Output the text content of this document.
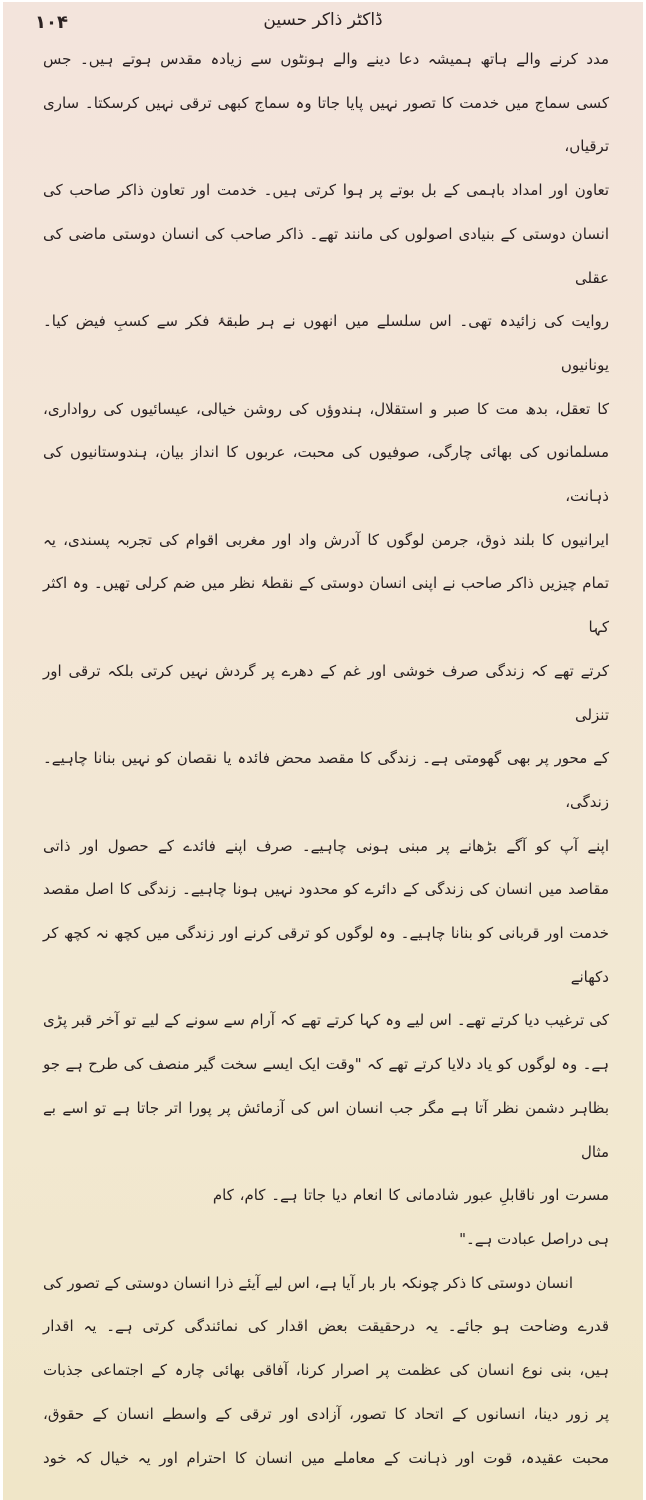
ڈاکٹر ذاکر حسین
۱۰۴
مدد کرنے والے ہاتھ ہمیشہ دعا دینے والے ہونٹوں سے زیادہ مقدس ہوتے ہیں۔ جس
کسی سماج میں خدمت کا تصور نہیں پایا جاتا وہ سماج کبھی ترقی نہیں کرسکتا۔ ساری ترقیاں،
تعاون اور امداد باہمی کے بل بوتے پر ہوا کرتی ہیں۔ خدمت اور تعاون ذاکر صاحب کی
انسان دوستی کے بنیادی اصولوں کی مانند تھے۔ ذاکر صاحب کی انسان دوستی ماضی کی عقلی
روایت کی زائیدہ تھی۔ اس سلسلے میں انھوں نے ہر طبقۂ فکر سے کسبِ فیض کیا۔ یونانیوں
کا تعقل، بدھ مت کا صبر و استقلال، ہندوؤں کی روشن خیالی، عیسائیوں کی رواداری،
مسلمانوں کی بھائی چارگی، صوفیوں کی محبت، عربوں کا انداز بیان، ہندوستانیوں کی ذہانت،
ایرانیوں کا بلند ذوق، جرمن لوگوں کا آدرش واد اور مغربی اقوام کی تجربہ پسندی، یہ
تمام چیزیں ذاکر صاحب نے اپنی انسان دوستی کے نقطۂ نظر میں ضم کرلی تھیں۔ وہ اکثر کہا
کرتے تھے کہ زندگی صرف خوشی اور غم کے دھرے پر گردش نہیں کرتی بلکہ ترقی اور تنزلی
کے محور پر بھی گھومتی ہے۔ زندگی کا مقصد محض فائدہ یا نقصان کو نہیں بنانا چاہیے۔ زندگی،
اپنے آپ کو آگے بڑھانے پر مبنی ہونی چاہیے۔ صرف اپنے فائدے کے حصول اور ذاتی
مقاصد میں انسان کی زندگی کے دائرے کو محدود نہیں ہونا چاہیے۔ زندگی کا اصل مقصد
خدمت اور قربانی کو بنانا چاہیے۔ وہ لوگوں کو ترقی کرنے اور زندگی میں کچھ نہ کچھ کر دکھانے
کی ترغیب دیا کرتے تھے۔ اس لیے وہ کہا کرتے تھے کہ آرام سے سونے کے لیے تو آخر قبر پڑی
ہے۔ وہ لوگوں کو یاد دلایا کرتے تھے کہ "وقت ایک ایسے سخت گیر منصف کی طرح ہے جو
بظاہر دشمن نظر آتا ہے مگر جب انسان اس کی آزمائش پر پورا اتر جاتا ہے تو اسے بے مثال
مسرت اور ناقابلِ عبور شادمانی کا انعام دیا جاتا ہے۔ کام، کام ہی دراصل عبادت ہے۔"
انسان دوستی کا ذکر چونکہ بار بار آیا ہے، اس لیے آیئے ذرا انسان دوستی کے تصور کی
قدرے وضاحت ہو جائے۔ یہ درحقیقت بعض اقدار کی نمائندگی کرتی ہے۔ یہ اقدار
ہیں، بنی نوع انسان کی عظمت پر اصرار کرنا، آفاقی بھائی چارہ کے اجتماعی جذبات
پر زور دینا، انسانوں کے اتحاد کا تصور، آزادی اور ترقی کے واسطے انسان کے حقوق،
محبت عقیدہ، قوت اور ذہانت کے معاملے میں انسان کا احترام اور یہ خیال کہ خود
